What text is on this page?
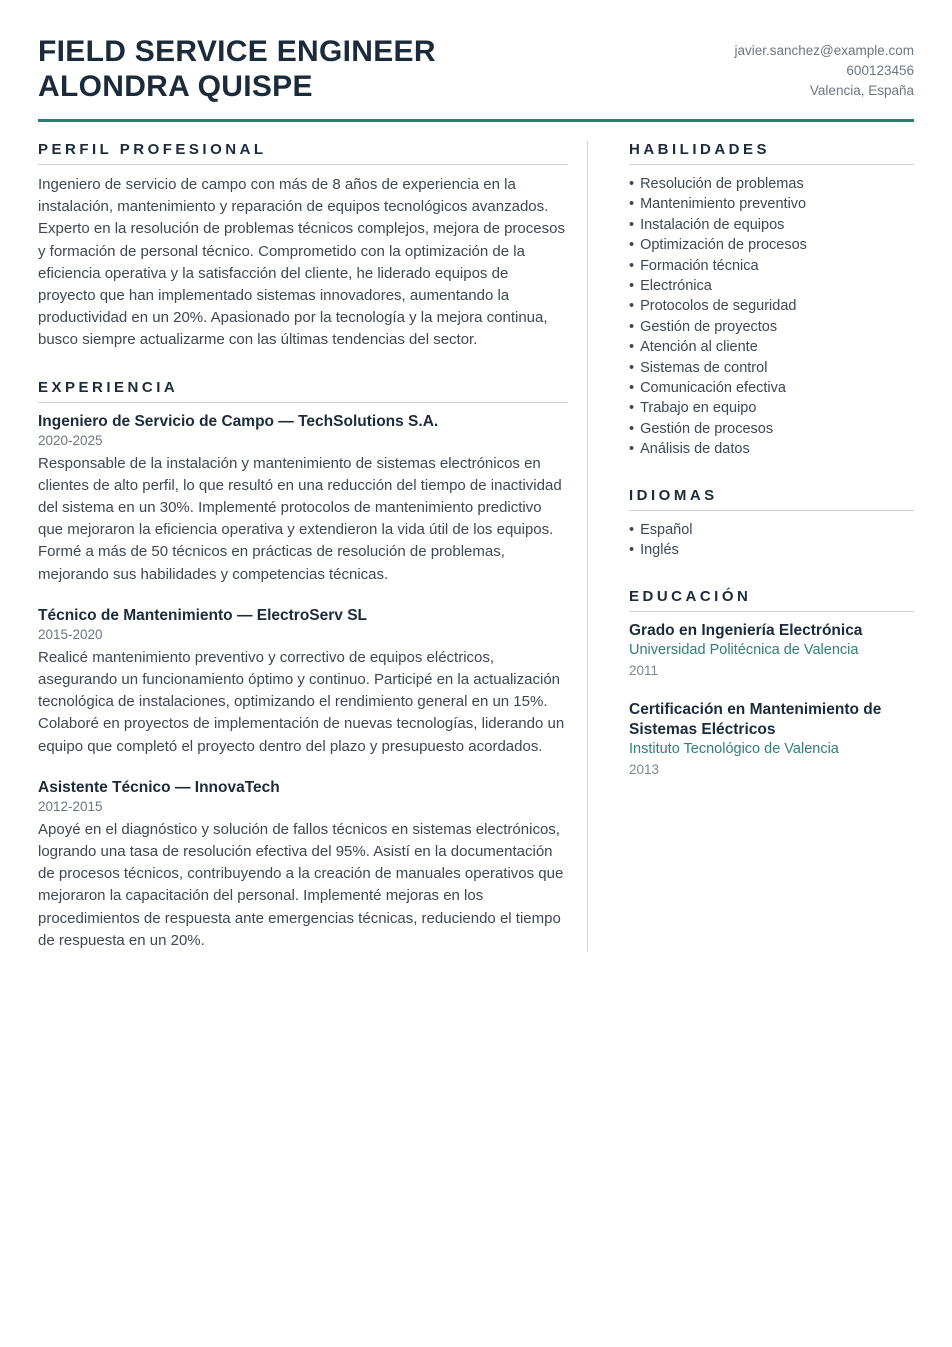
FIELD SERVICE ENGINEER
ALONDRA QUISPE
javier.sanchez@example.com
600123456
Valencia, España
PERFIL PROFESIONAL

Ingeniero de servicio de campo con más de 8 años de experiencia en la instalación, mantenimiento y reparación de equipos tecnológicos avanzados. Experto en la resolución de problemas técnicos complejos, mejora de procesos y formación de personal técnico. Comprometido con la optimización de la eficiencia operativa y la satisfacción del cliente, he liderado equipos de proyecto que han implementado sistemas innovadores, aumentando la productividad en un 20%. Apasionado por la tecnología y la mejora continua, busco siempre actualizarme con las últimas tendencias del sector.

EXPERIENCIA
Ingeniero de Servicio de Campo — TechSolutions S.A.
2020-2025

Responsable de la instalación y mantenimiento de sistemas electrónicos en clientes de alto perfil, lo que resultó en una reducción del tiempo de inactividad del sistema en un 30%. Implementé protocolos de mantenimiento predictivo que mejoraron la eficiencia operativa y extendieron la vida útil de los equipos. Formé a más de 50 técnicos en prácticas de resolución de problemas, mejorando sus habilidades y competencias técnicas.

Técnico de Mantenimiento — ElectroServ SL
2015-2020

Realicé mantenimiento preventivo y correctivo de equipos eléctricos, asegurando un funcionamiento óptimo y continuo. Participé en la actualización tecnológica de instalaciones, optimizando el rendimiento general en un 15%. Colaboré en proyectos de implementación de nuevas tecnologías, liderando un equipo que completó el proyecto dentro del plazo y presupuesto acordados.

Asistente Técnico — InnovaTech
2012-2015

Apoyé en el diagnóstico y solución de fallos técnicos en sistemas electrónicos, logrando una tasa de resolución efectiva del 95%. Asistí en la documentación de procesos técnicos, contribuyendo a la creación de manuales operativos que mejoraron la capacitación del personal. Implementé mejoras en los procedimientos de respuesta ante emergencias técnicas, reduciendo el tiempo de respuesta en un 20%.

HABILIDADES
• Resolución de problemas
• Mantenimiento preventivo
• Instalación de equipos
• Optimización de procesos
• Formación técnica
• Electrónica
• Protocolos de seguridad
• Gestión de proyectos
• Atención al cliente
• Sistemas de control
• Comunicación efectiva
• Trabajo en equipo
• Gestión de procesos
• Análisis de datos
IDIOMAS
• Español
• Inglés
EDUCACIÓN
Grado en Ingeniería Electrónica
Universidad Politécnica de Valencia
2011
Certificación en Mantenimiento de Sistemas Eléctricos
Instituto Tecnológico de Valencia
2013
